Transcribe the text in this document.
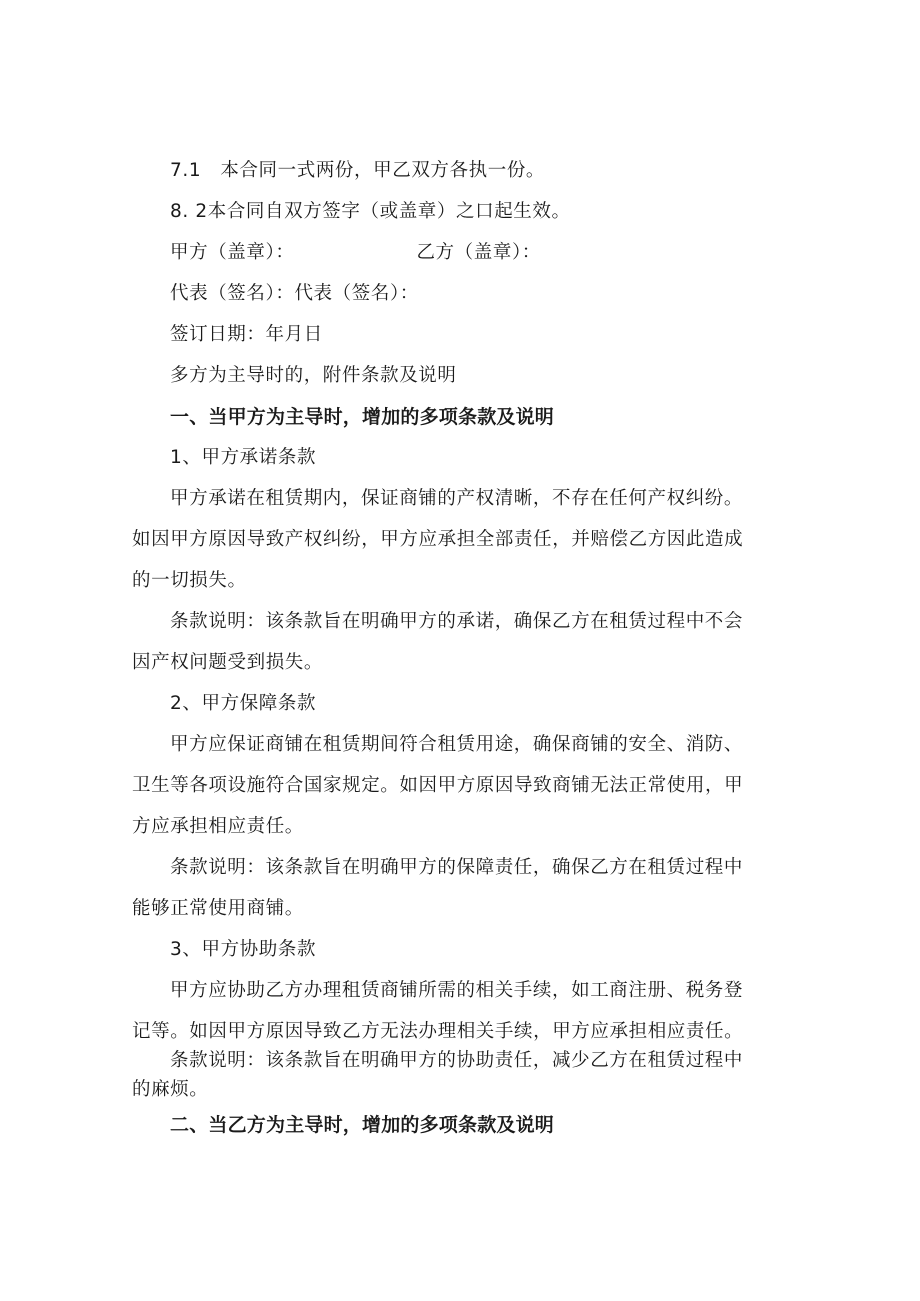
7.1　本合同一式两份，甲乙双方各执一份。
8. 2本合同自双方签字（或盖章）之口起生效。
甲方（盖章）：	乙方（盖章）：
代表（签名）：代表（签名）：
签订日期：年月日
多方为主导时的，附件条款及说明
一、当甲方为主导时，增加的多项条款及说明
1、甲方承诺条款
甲方承诺在租赁期内，保证商铺的产权清晰，不存在任何产权纠纷。
如因甲方原因导致产权纠纷，甲方应承担全部责任，并赔偿乙方因此造成
的一切损失。
条款说明：该条款旨在明确甲方的承诺，确保乙方在租赁过程中不会
因产权问题受到损失。
2、甲方保障条款
甲方应保证商铺在租赁期间符合租赁用途，确保商铺的安全、消防、
卫生等各项设施符合国家规定。如因甲方原因导致商铺无法正常使用，甲
方应承担相应责任。
条款说明：该条款旨在明确甲方的保障责任，确保乙方在租赁过程中
能够正常使用商铺。
3、甲方协助条款
甲方应协助乙方办理租赁商铺所需的相关手续，如工商注册、税务登
记等。如因甲方原因导致乙方无法办理相关手续，甲方应承担相应责任。
条款说明：该条款旨在明确甲方的协助责任，减少乙方在租赁过程中
的麻烦。
二、当乙方为主导时，增加的多项条款及说明
